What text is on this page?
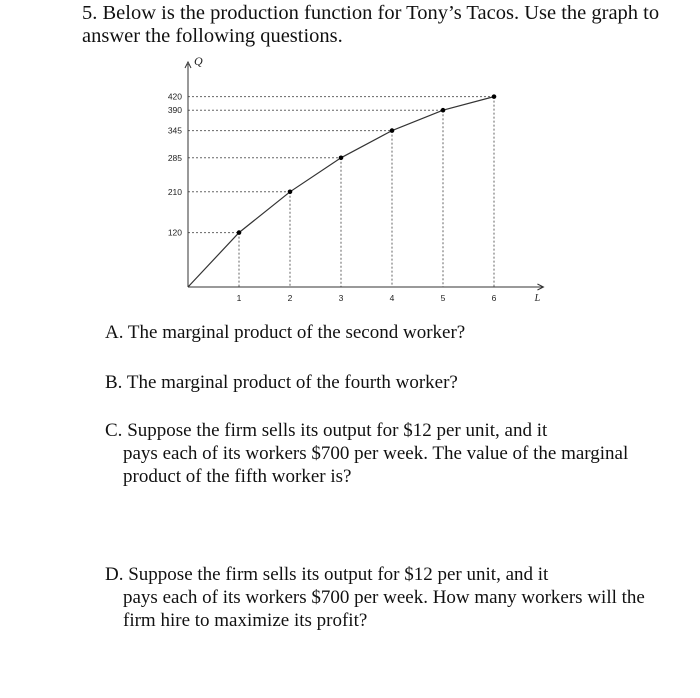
5. Below is the production function for Tony’s Tacos. Use the graph to answer the following questions.

120
210
285
345
390
420
1	2	3	4	5	6
Q
L
A. The marginal product of the second worker?
B. The marginal product of the fourth worker?
C. Suppose the firm sells its output for $12 per unit, and it
pays each of its workers $700 per week. The value of the marginal product of the fifth worker is?
D. Suppose the firm sells its output for $12 per unit, and it
pays each of its workers $700 per week. How many workers will the firm hire to maximize its profit?
